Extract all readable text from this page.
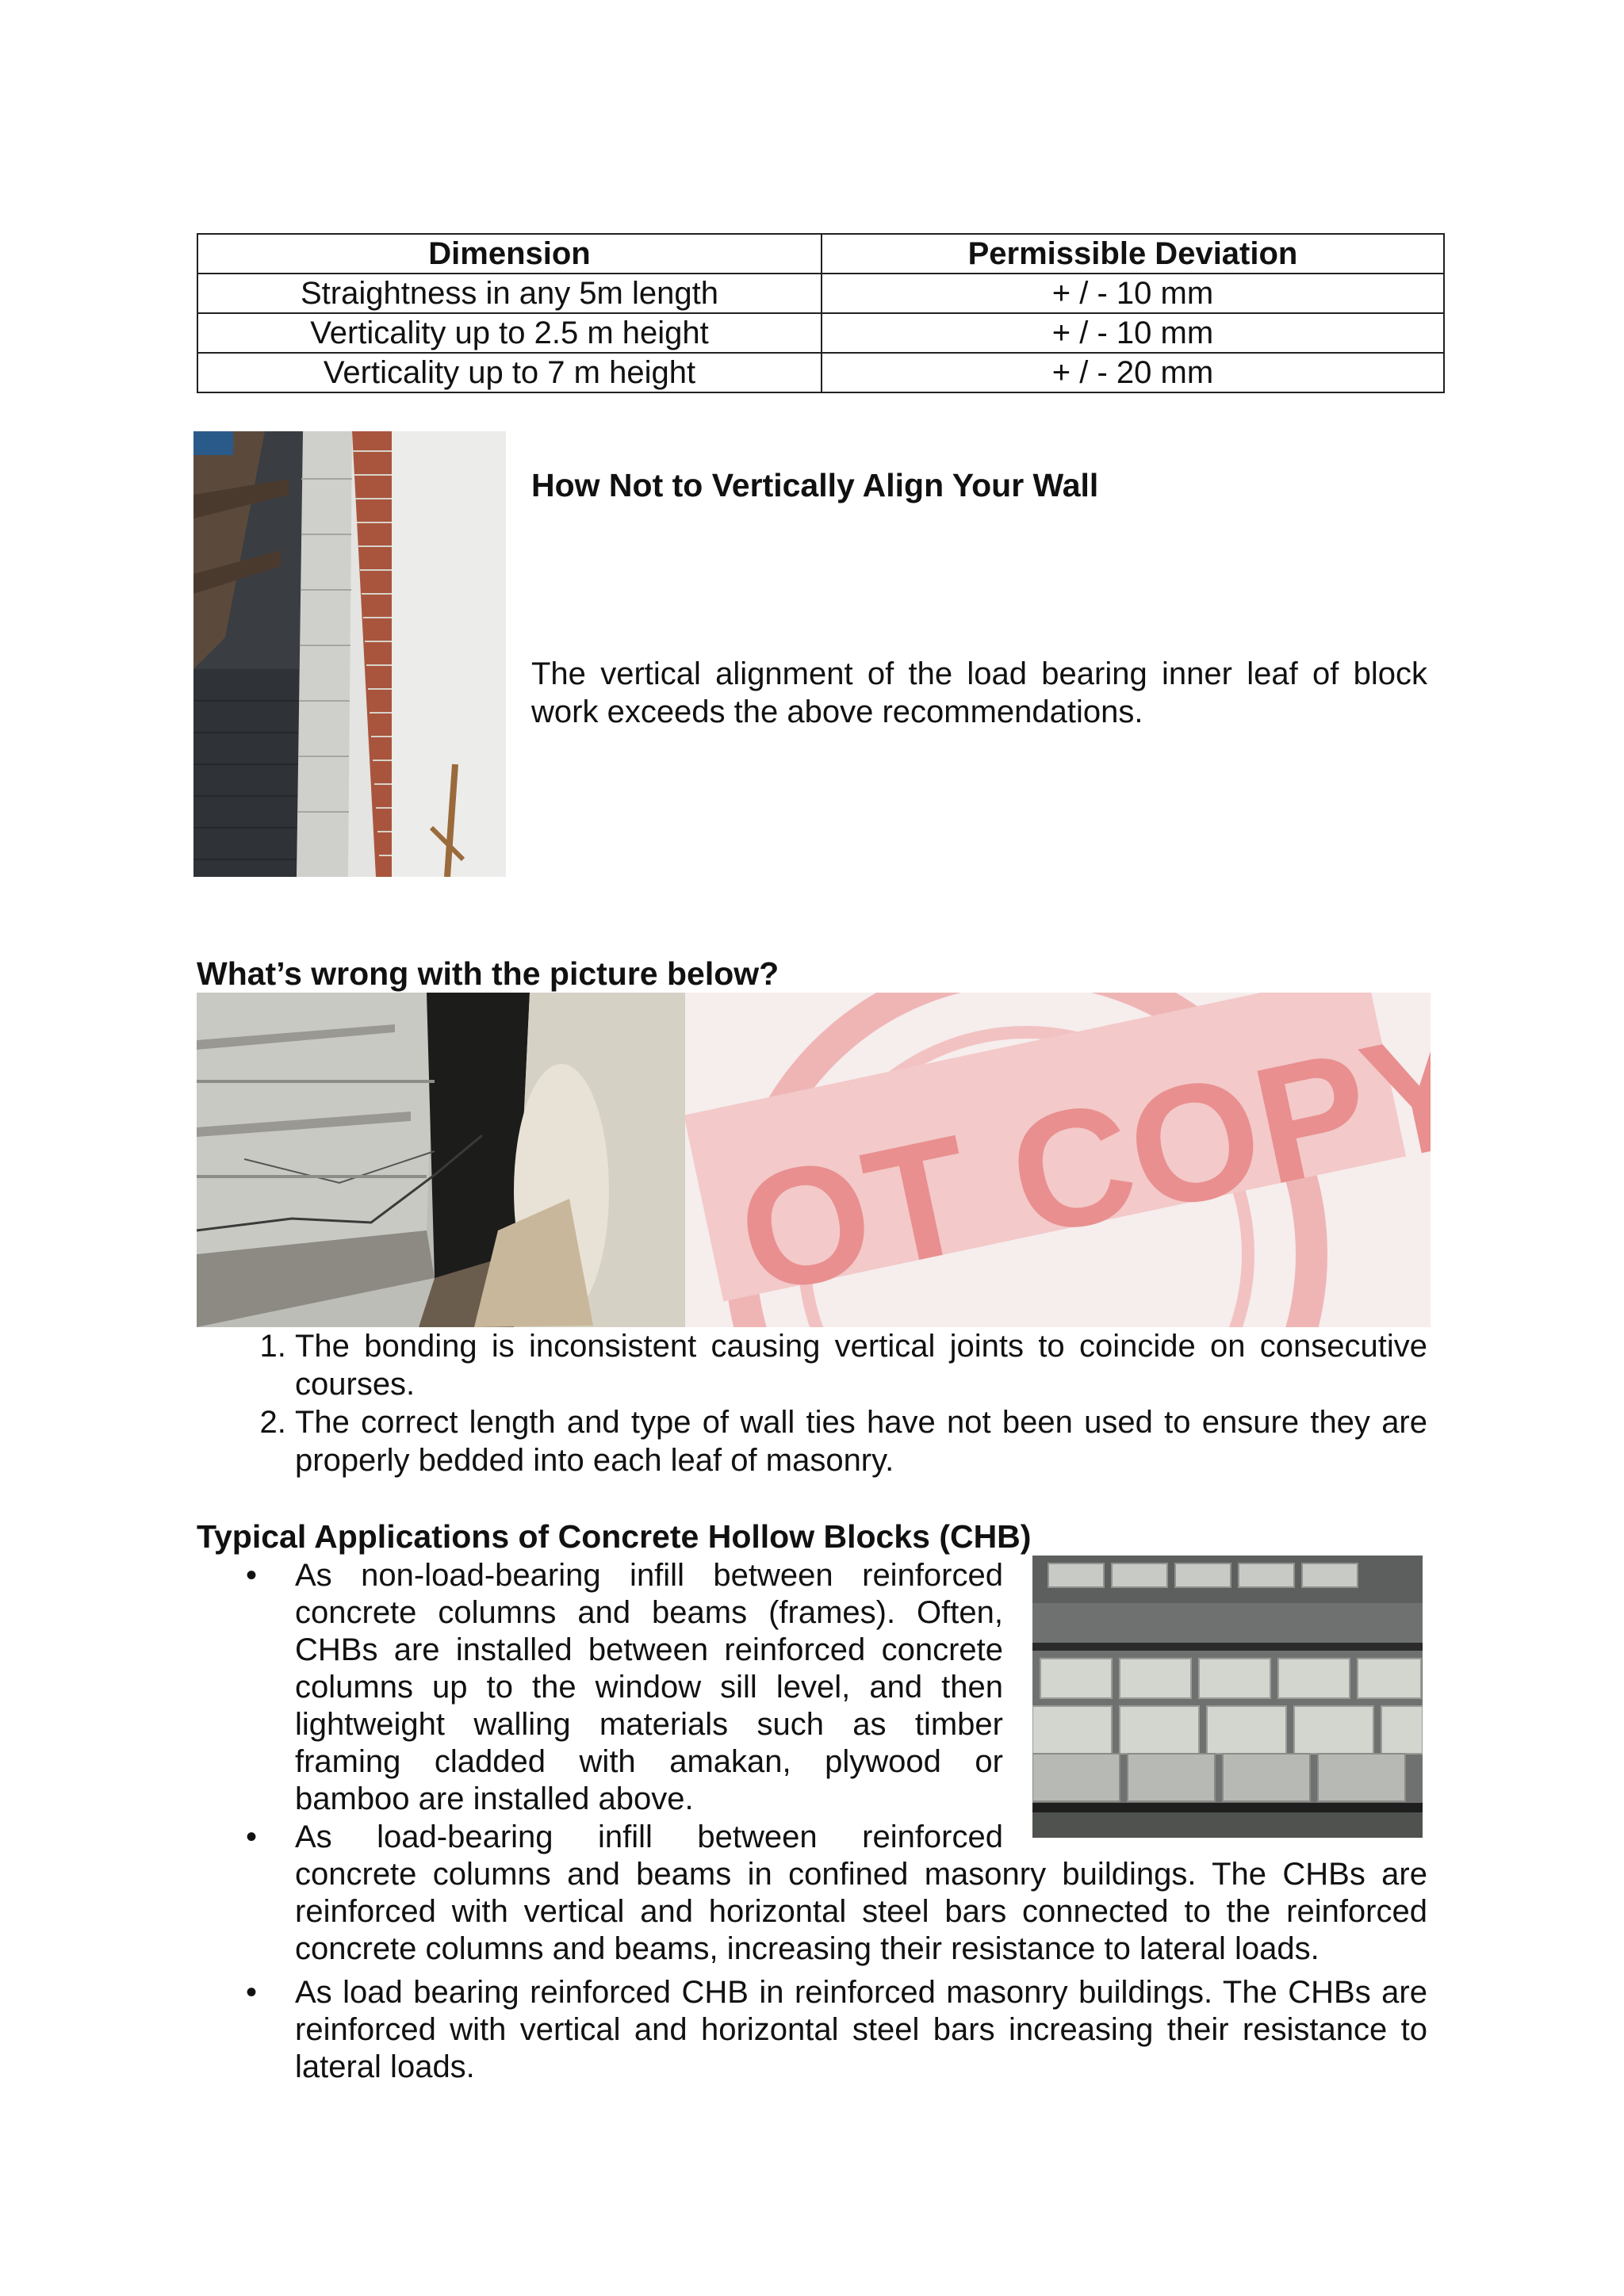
Dimension	Permissible Deviation
Straightness in any 5m length	+ / - 10 mm
Verticality up to 2.5 m height	+ / - 10 mm
Verticality up to 7 m height	+ / - 20 mm
How Not to Vertically Align Your Wall
The vertical alignment of the load bearing inner leaf of block work exceeds the above recommendations.
What’s wrong with the picture below?
OT COPY
1. The bonding is inconsistent causing vertical joints to coincide on consecutive courses.
2. The correct length and type of wall ties have not been used to ensure they are properly bedded into each leaf of masonry.
Typical Applications of Concrete Hollow Blocks (CHB)
• As non-load-bearing infill between reinforced
concrete columns and beams (frames). Often,
CHBs are installed between reinforced concrete
columns up to the window sill level, and then
lightweight walling materials such as timber
framing cladded with amakan, plywood or
bamboo are installed above.
• As load-bearing infill between reinforced
concrete columns and beams in confined masonry buildings. The CHBs are reinforced with vertical and horizontal steel bars connected to the reinforced concrete columns and beams, increasing their resistance to lateral loads.
• As load bearing reinforced CHB in reinforced masonry buildings. The CHBs are reinforced with vertical and horizontal steel bars increasing their resistance to lateral loads.
